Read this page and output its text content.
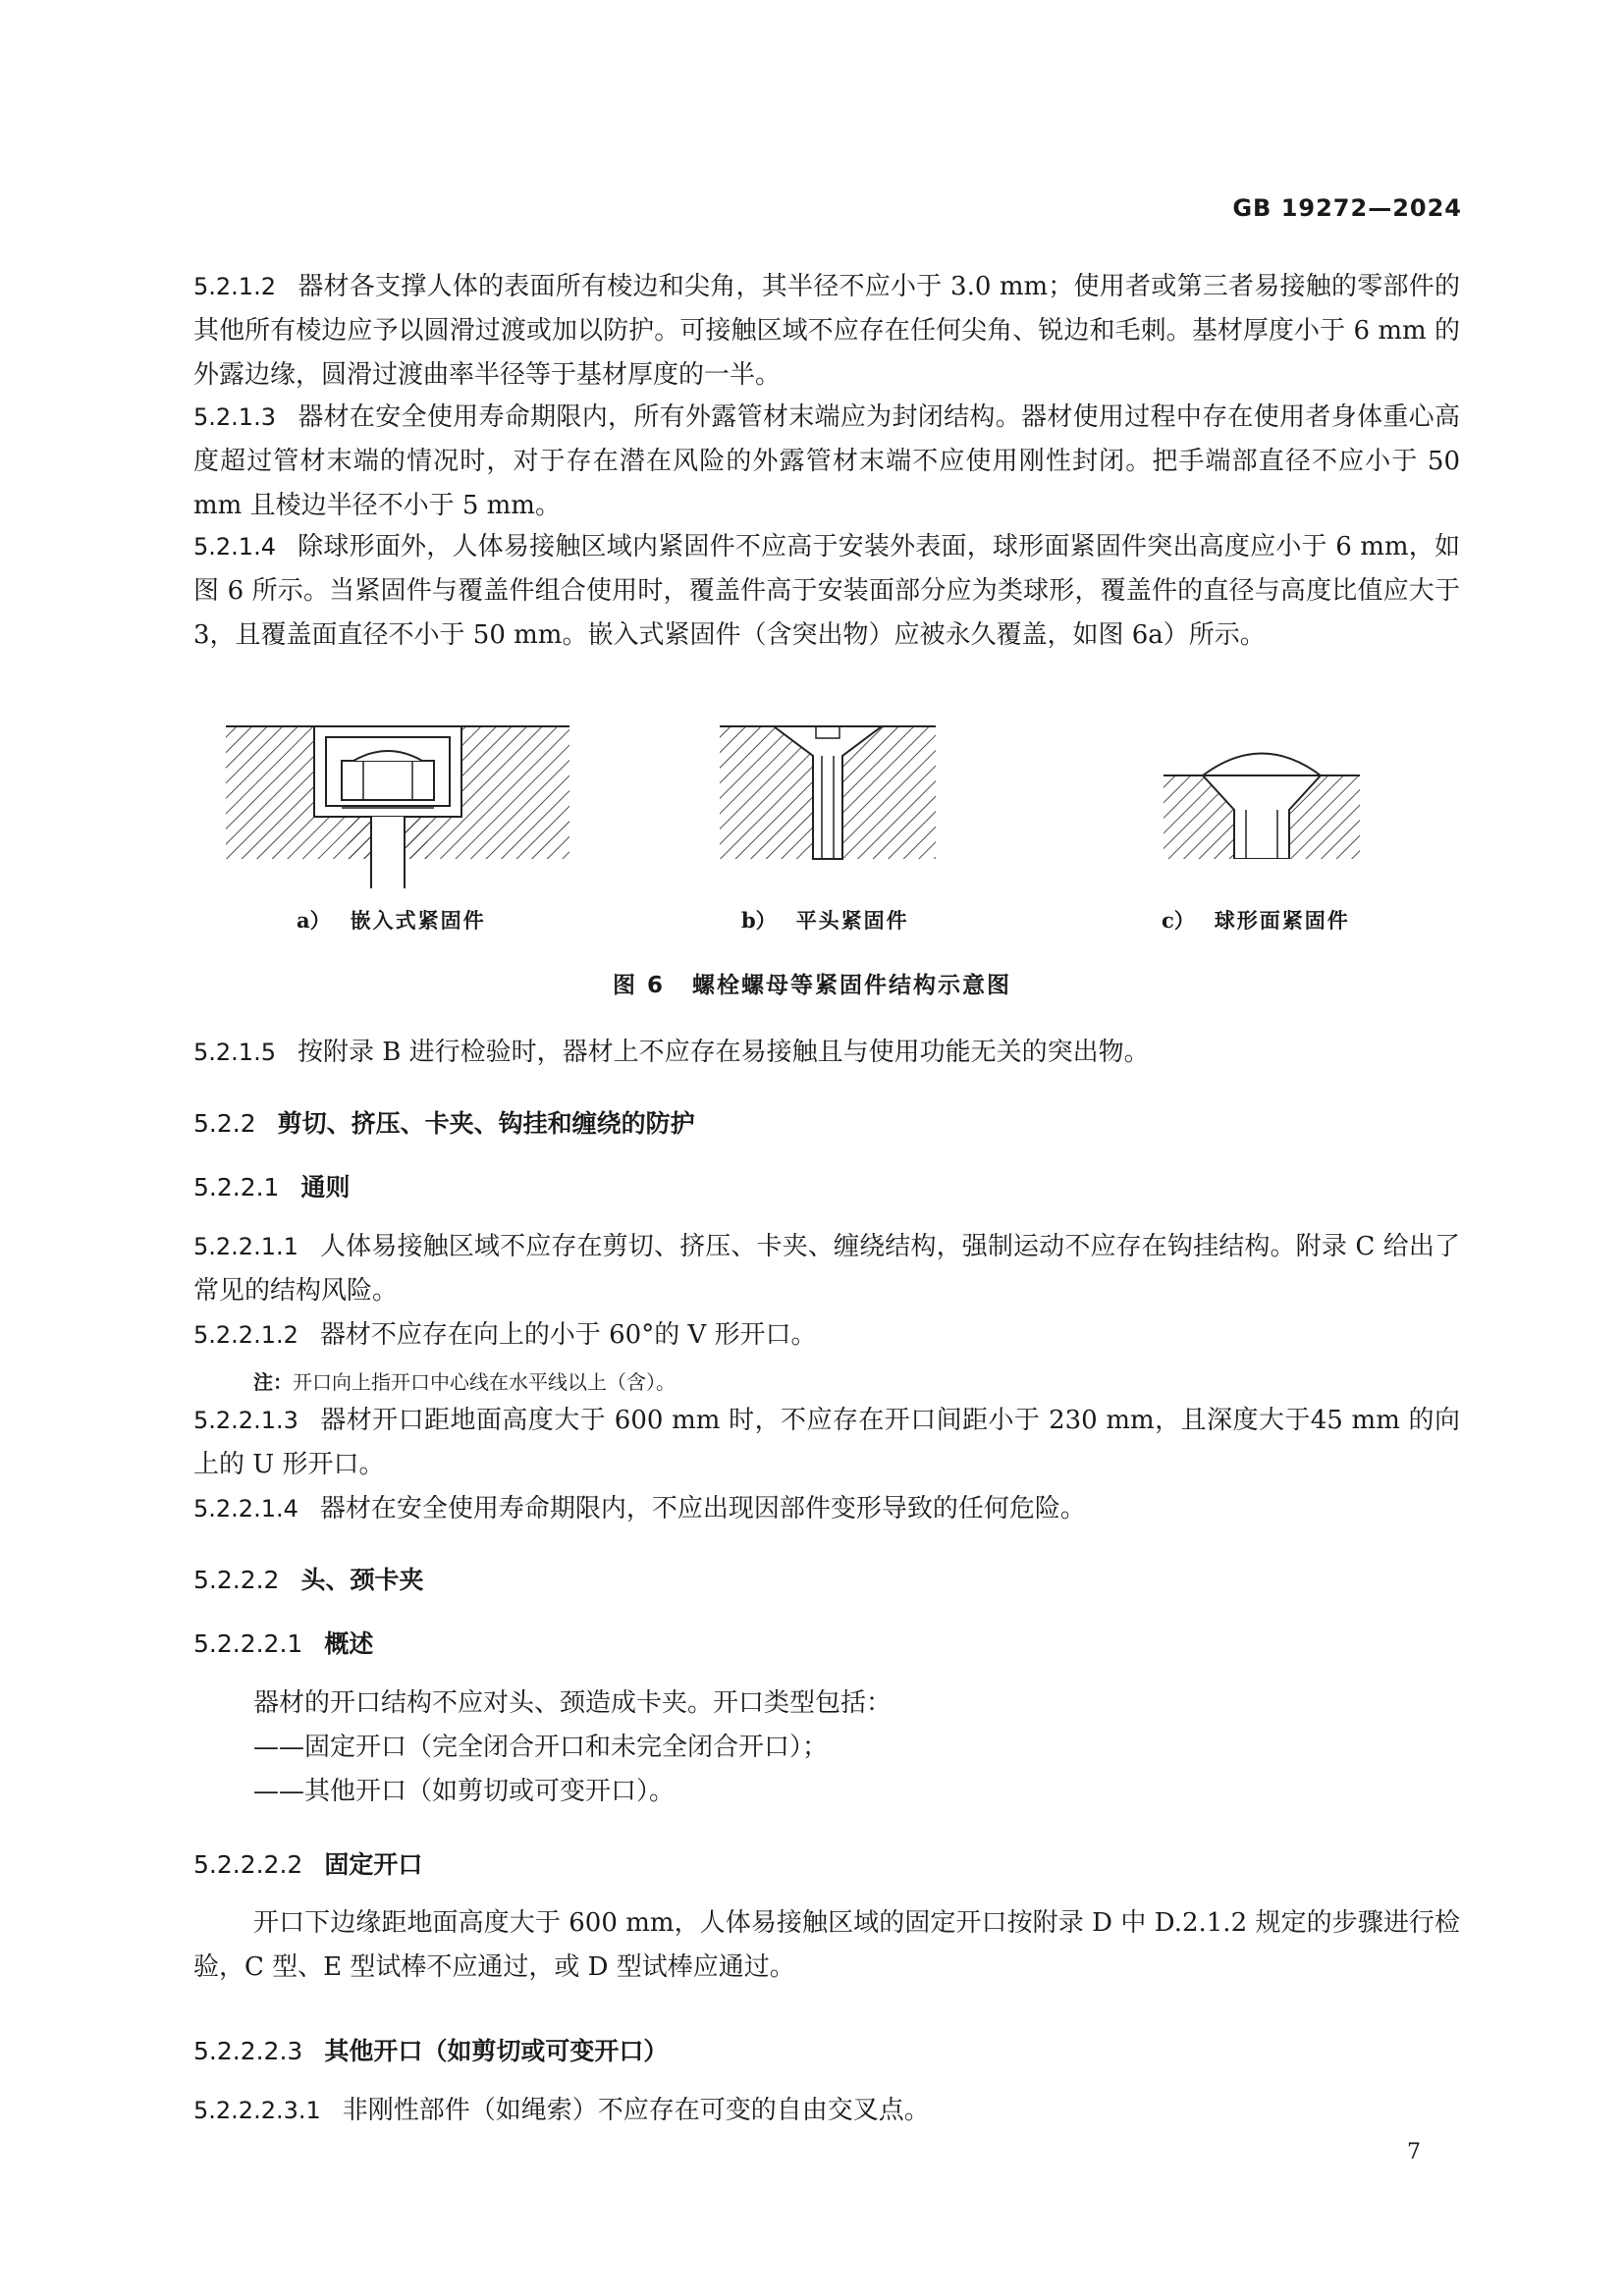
GB 19272—2024

5.2.1.2 器材各支撑人体的表面所有棱边和尖角，其半径不应小于 3.0 mm；使用者或第三者易接触的零部件的其他所有棱边应予以圆滑过渡或加以防护。可接触区域不应存在任何尖角、锐边和毛刺。基材厚度小于 6 mm 的外露边缘，圆滑过渡曲率半径等于基材厚度的一半。

5.2.1.3 器材在安全使用寿命期限内，所有外露管材末端应为封闭结构。器材使用过程中存在使用者身体重心高度超过管材末端的情况时，对于存在潜在风险的外露管材末端不应使用刚性封闭。把手端部直径不应小于 50 mm 且棱边半径不小于 5 mm。

5.2.1.4 除球形面外，人体易接触区域内紧固件不应高于安装外表面，球形面紧固件突出高度应小于 6 mm，如图 6 所示。当紧固件与覆盖件组合使用时，覆盖件高于安装面部分应为类球形，覆盖件的直径与高度比值应大于 3，且覆盖面直径不小于 50 mm。嵌入式紧固件（含突出物）应被永久覆盖，如图 6a）所示。

a） 嵌入式紧固件	b） 平头紧固件	c） 球形面紧固件
图 6 螺栓螺母等紧固件结构示意图

5.2.1.5 按附录 B 进行检验时，器材上不应存在易接触且与使用功能无关的突出物。

5.2.2 剪切、挤压、卡夹、钩挂和缠绕的防护
5.2.2.1 通则

5.2.2.1.1 人体易接触区域不应存在剪切、挤压、卡夹、缠绕结构，强制运动不应存在钩挂结构。附录 C 给出了常见的结构风险。

5.2.2.1.2 器材不应存在向上的小于 60°的 V 形开口。

注：开口向上指开口中心线在水平线以上（含）。

5.2.2.1.3 器材开口距地面高度大于 600 mm 时，不应存在开口间距小于 230 mm，且深度大于45 mm 的向上的 U 形开口。

5.2.2.1.4 器材在安全使用寿命期限内，不应出现因部件变形导致的任何危险。

5.2.2.2 头、颈卡夹
5.2.2.2.1 概述
器材的开口结构不应对头、颈造成卡夹。开口类型包括：
——固定开口（完全闭合开口和未完全闭合开口）；
——其他开口（如剪切或可变开口）。
5.2.2.2.2 固定开口

开口下边缘距地面高度大于 600 mm，人体易接触区域的固定开口按附录 D 中 D.2.1.2 规定的步骤进行检验，C 型、E 型试棒不应通过，或 D 型试棒应通过。

5.2.2.2.3 其他开口（如剪切或可变开口）

5.2.2.2.3.1 非刚性部件（如绳索）不应存在可变的自由交叉点。

7
